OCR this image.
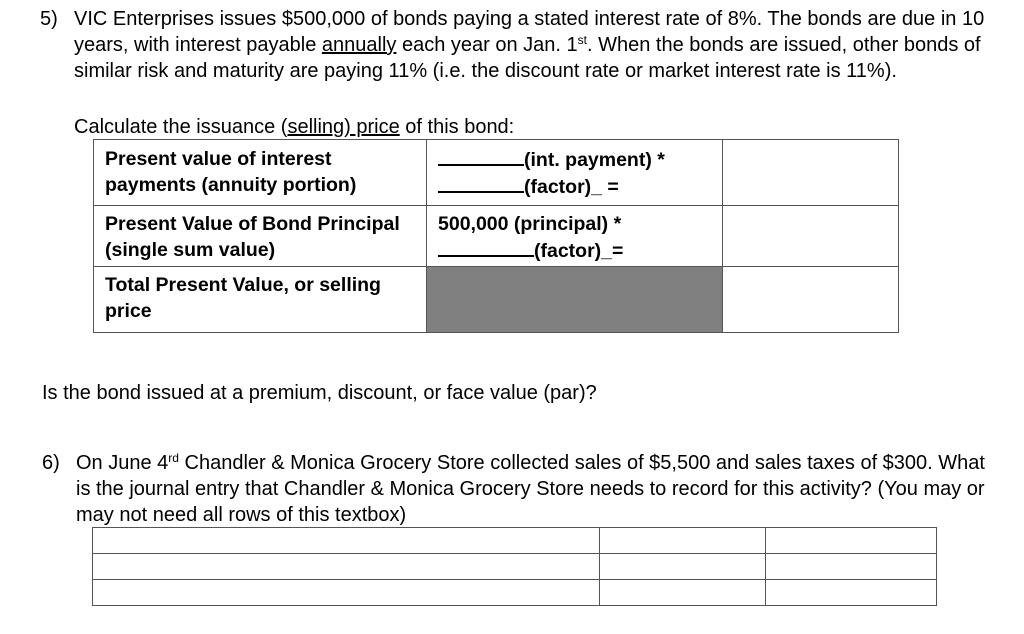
5) VIC Enterprises issues $500,000 of bonds paying a stated interest rate of 8%. The bonds are due in 10 years, with interest payable annually each year on Jan. 1st. When the bonds are issued, other bonds of similar risk and maturity are paying 11% (i.e. the discount rate or market interest rate is 11%).
Calculate the issuance (selling) price of this bond:
Present value of interest payments (annuity portion)	(int. payment) *
(factor)_ =	

Present Value of Bond Principal (single sum value)	500,000 (principal) *
(factor)_=	

Total Present Value, or selling price		
Is the bond issued at a premium, discount, or face value (par)?
6) On June 4rd Chandler & Monica Grocery Store collected sales of $5,500 and sales taxes of $300. What is the journal entry that Chandler & Monica Grocery Store needs to record for this activity? (You may or may not need all rows of this textbox)
